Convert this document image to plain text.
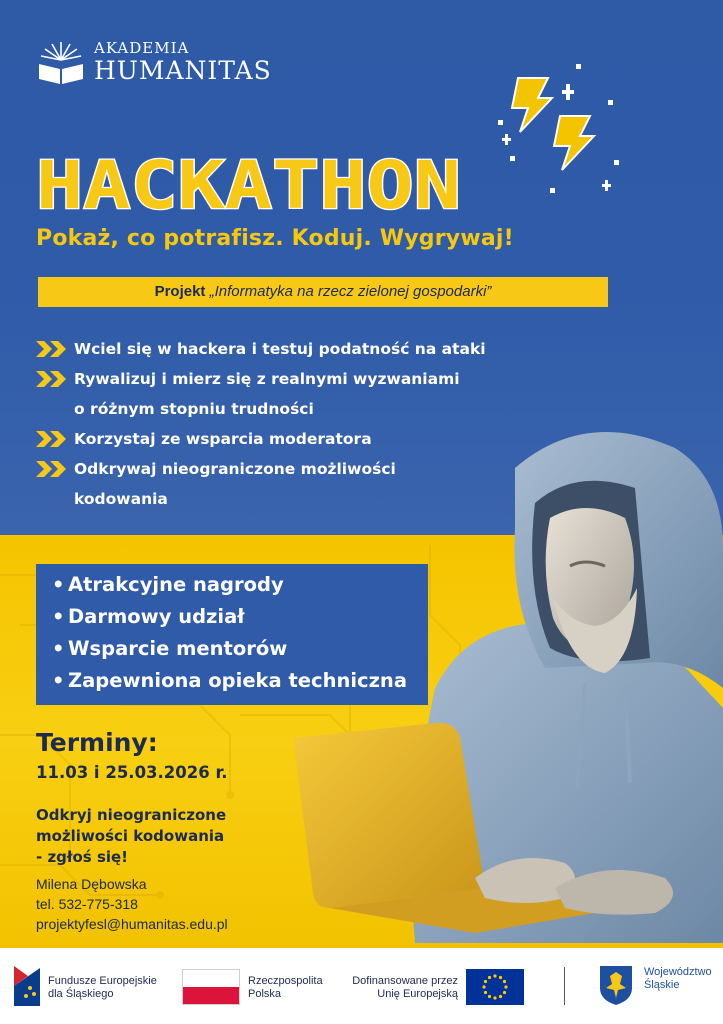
AKADEMIA
HUMANITAS
HACKATHON
Pokaż, co potrafisz. Koduj. Wygrywaj!
Projekt „Informatyka na rzecz zielonej gospodarki”
Wciel się w hackera i testuj podatność na ataki
Rywalizuj i mierz się z realnymi wyzwaniami
o różnym stopniu trudności
Korzystaj ze wsparcia moderatora
Odkrywaj nieograniczone możliwości
kodowania
• Atrakcyjne nagrody
• Darmowy udział
• Wsparcie mentorów
• Zapewniona opieka techniczna
Terminy:
11.03 i 25.03.2026 r.
Odkryj nieograniczone
możliwości kodowania
- zgłoś się!
Milena Dębowska
tel. 532-775-318
projektyfesl@humanitas.edu.pl
Fundusze Europejskie
dla Śląskiego
Rzeczpospolita
Polska
Dofinansowane przez
Unię Europejską
Województwo
Śląskie
